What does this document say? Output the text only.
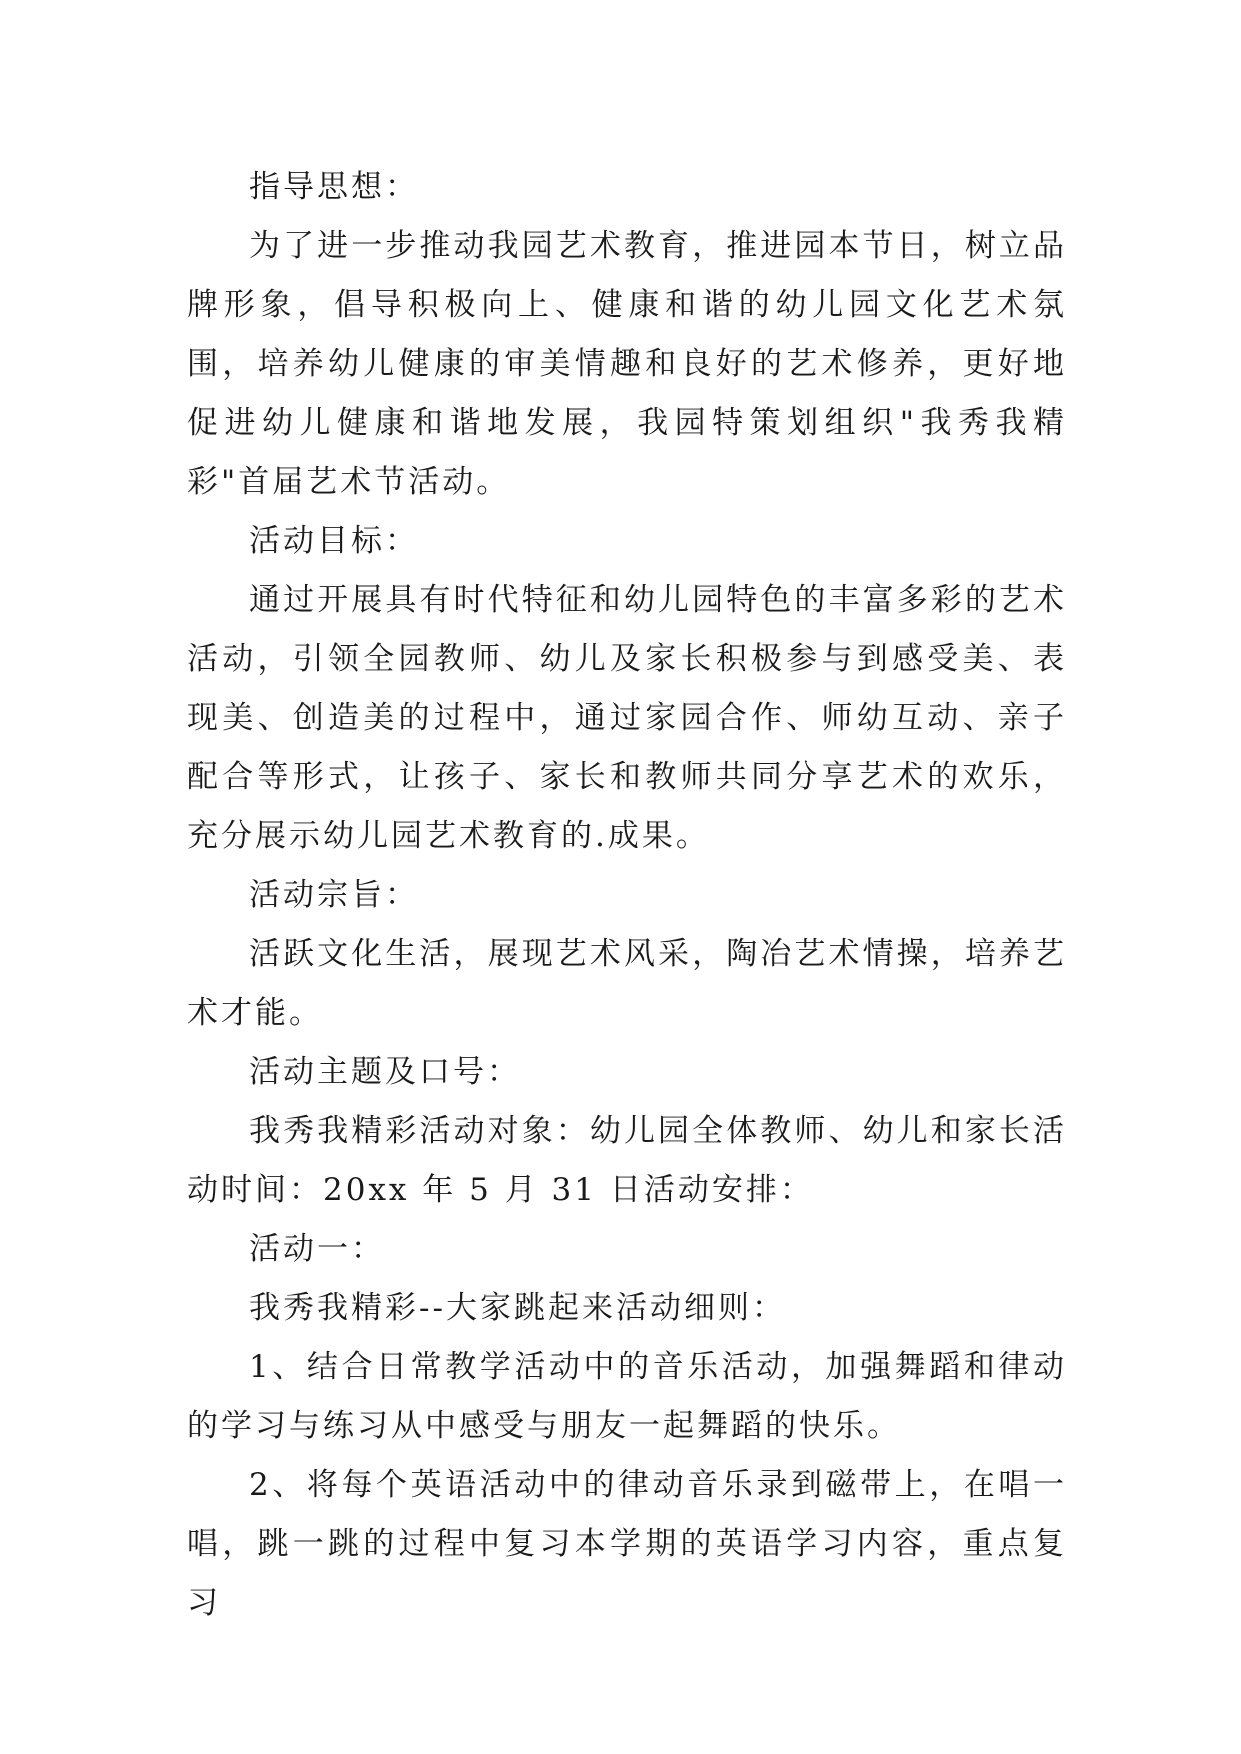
指导思想：

为了进一步推动我园艺术教育，推进园本节日，树立品牌形象，倡导积极向上、健康和谐的幼儿园文化艺术氛围，培养幼儿健康的审美情趣和良好的艺术修养，更好地促进幼儿健康和谐地发展，我园特策划组织"我秀我精彩"首届艺术节活动。

活动目标：

通过开展具有时代特征和幼儿园特色的丰富多彩的艺术活动，引领全园教师、幼儿及家长积极参与到感受美、表现美、创造美的过程中，通过家园合作、师幼互动、亲子配合等形式，让孩子、家长和教师共同分享艺术的欢乐，充分展示幼儿园艺术教育的.成果。

活动宗旨：

活跃文化生活，展现艺术风采，陶冶艺术情操，培养艺术才能。

活动主题及口号：

我秀我精彩活动对象：幼儿园全体教师、幼儿和家长活动时间：20xx 年 5 月 31 日活动安排：

活动一：

我秀我精彩--大家跳起来活动细则：

1、结合日常教学活动中的音乐活动，加强舞蹈和律动的学习与练习从中感受与朋友一起舞蹈的快乐。

2、将每个英语活动中的律动音乐录到磁带上，在唱一唱，跳一跳的过程中复习本学期的英语学习内容，重点复习
